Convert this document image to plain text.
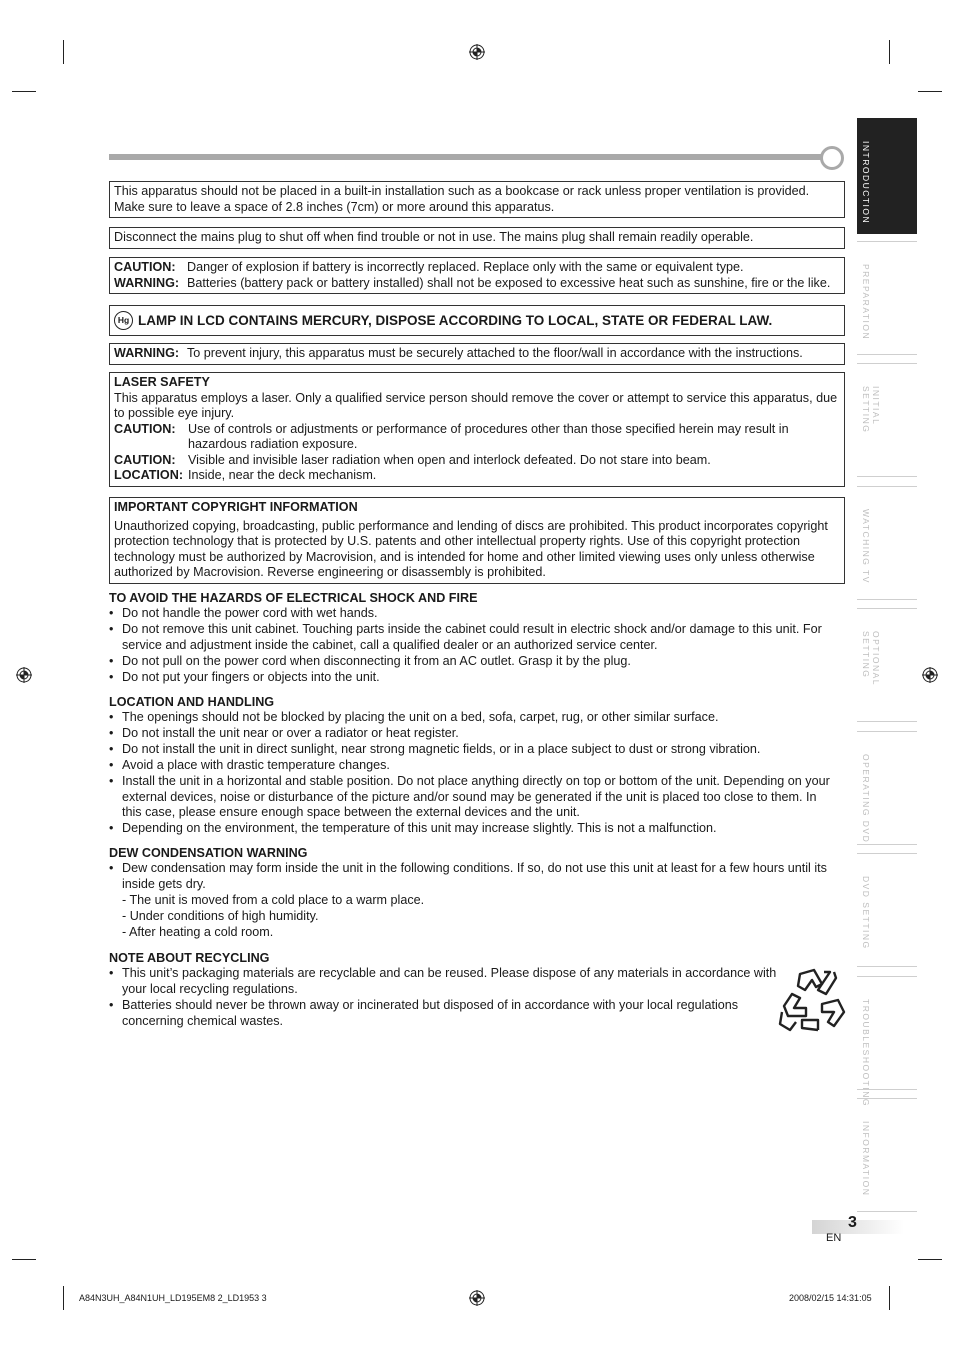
INTRODUCTION
PREPARATION
INITIAL SETTING
WATCHING TV
OPTIONAL SETTING
OPERATING DVD
DVD SETTING
TROUBLESHOOTING
INFORMATION
This apparatus should not be placed in a built-in installation such as a bookcase or rack unless proper ventilation is provided. Make sure to leave a space of 2.8 inches (7cm) or more around this apparatus.
Disconnect the mains plug to shut off when find trouble or not in use. The mains plug shall remain readily operable.
CAUTION: Danger of explosion if battery is incorrectly replaced. Replace only with the same or equivalent type.
WARNING: Batteries (battery pack or battery installed) shall not be exposed to excessive heat such as sunshine, fire or the like.
Hg LAMP IN LCD CONTAINS MERCURY, DISPOSE ACCORDING TO LOCAL, STATE OR FEDERAL LAW.
WARNING: To prevent injury, this apparatus must be securely attached to the floor/wall in accordance with the instructions.
LASER SAFETY
This apparatus employs a laser. Only a qualified service person should remove the cover or attempt to service this apparatus, due to possible eye injury.
CAUTION: Use of controls or adjustments or performance of procedures other than those specified herein may result in hazardous radiation exposure.
CAUTION: Visible and invisible laser radiation when open and interlock defeated. Do not stare into beam.
LOCATION: Inside, near the deck mechanism.
IMPORTANT COPYRIGHT INFORMATION
Unauthorized copying, broadcasting, public performance and lending of discs are prohibited. This product incorporates copyright protection technology that is protected by U.S. patents and other intellectual property rights. Use of this copyright protection technology must be authorized by Macrovision, and is intended for home and other limited viewing uses only unless otherwise authorized by Macrovision. Reverse engineering or disassembly is prohibited.
TO AVOID THE HAZARDS OF ELECTRICAL SHOCK AND FIRE
• Do not handle the power cord with wet hands.
• Do not remove this unit cabinet. Touching parts inside the cabinet could result in electric shock and/or damage to this unit. For service and adjustment inside the cabinet, call a qualified dealer or an authorized service center.
• Do not pull on the power cord when disconnecting it from an AC outlet. Grasp it by the plug.
• Do not put your fingers or objects into the unit.
LOCATION AND HANDLING
• The openings should not be blocked by placing the unit on a bed, sofa, carpet, rug, or other similar surface.
• Do not install the unit near or over a radiator or heat register.
• Do not install the unit in direct sunlight, near strong magnetic fields, or in a place subject to dust or strong vibration.
• Avoid a place with drastic temperature changes.
• Install the unit in a horizontal and stable position. Do not place anything directly on top or bottom of the unit. Depending on your external devices, noise or disturbance of the picture and/or sound may be generated if the unit is placed too close to them. In this case, please ensure enough space between the external devices and the unit.
• Depending on the environment, the temperature of this unit may increase slightly. This is not a malfunction.
DEW CONDENSATION WARNING
• Dew condensation may form inside the unit in the following conditions. If so, do not use this unit at least for a few hours until its inside gets dry.
- The unit is moved from a cold place to a warm place.
- Under conditions of high humidity.
- After heating a cold room.
NOTE ABOUT RECYCLING
• This unit’s packaging materials are recyclable and can be reused. Please dispose of any materials in accordance with your local recycling regulations.
• Batteries should never be thrown away or incinerated but disposed of in accordance with your local regulations concerning chemical wastes.
3
EN
A84N3UH_A84N1UH_LD195EM8 2_LD1953 3	2008/02/15 14:31:05
